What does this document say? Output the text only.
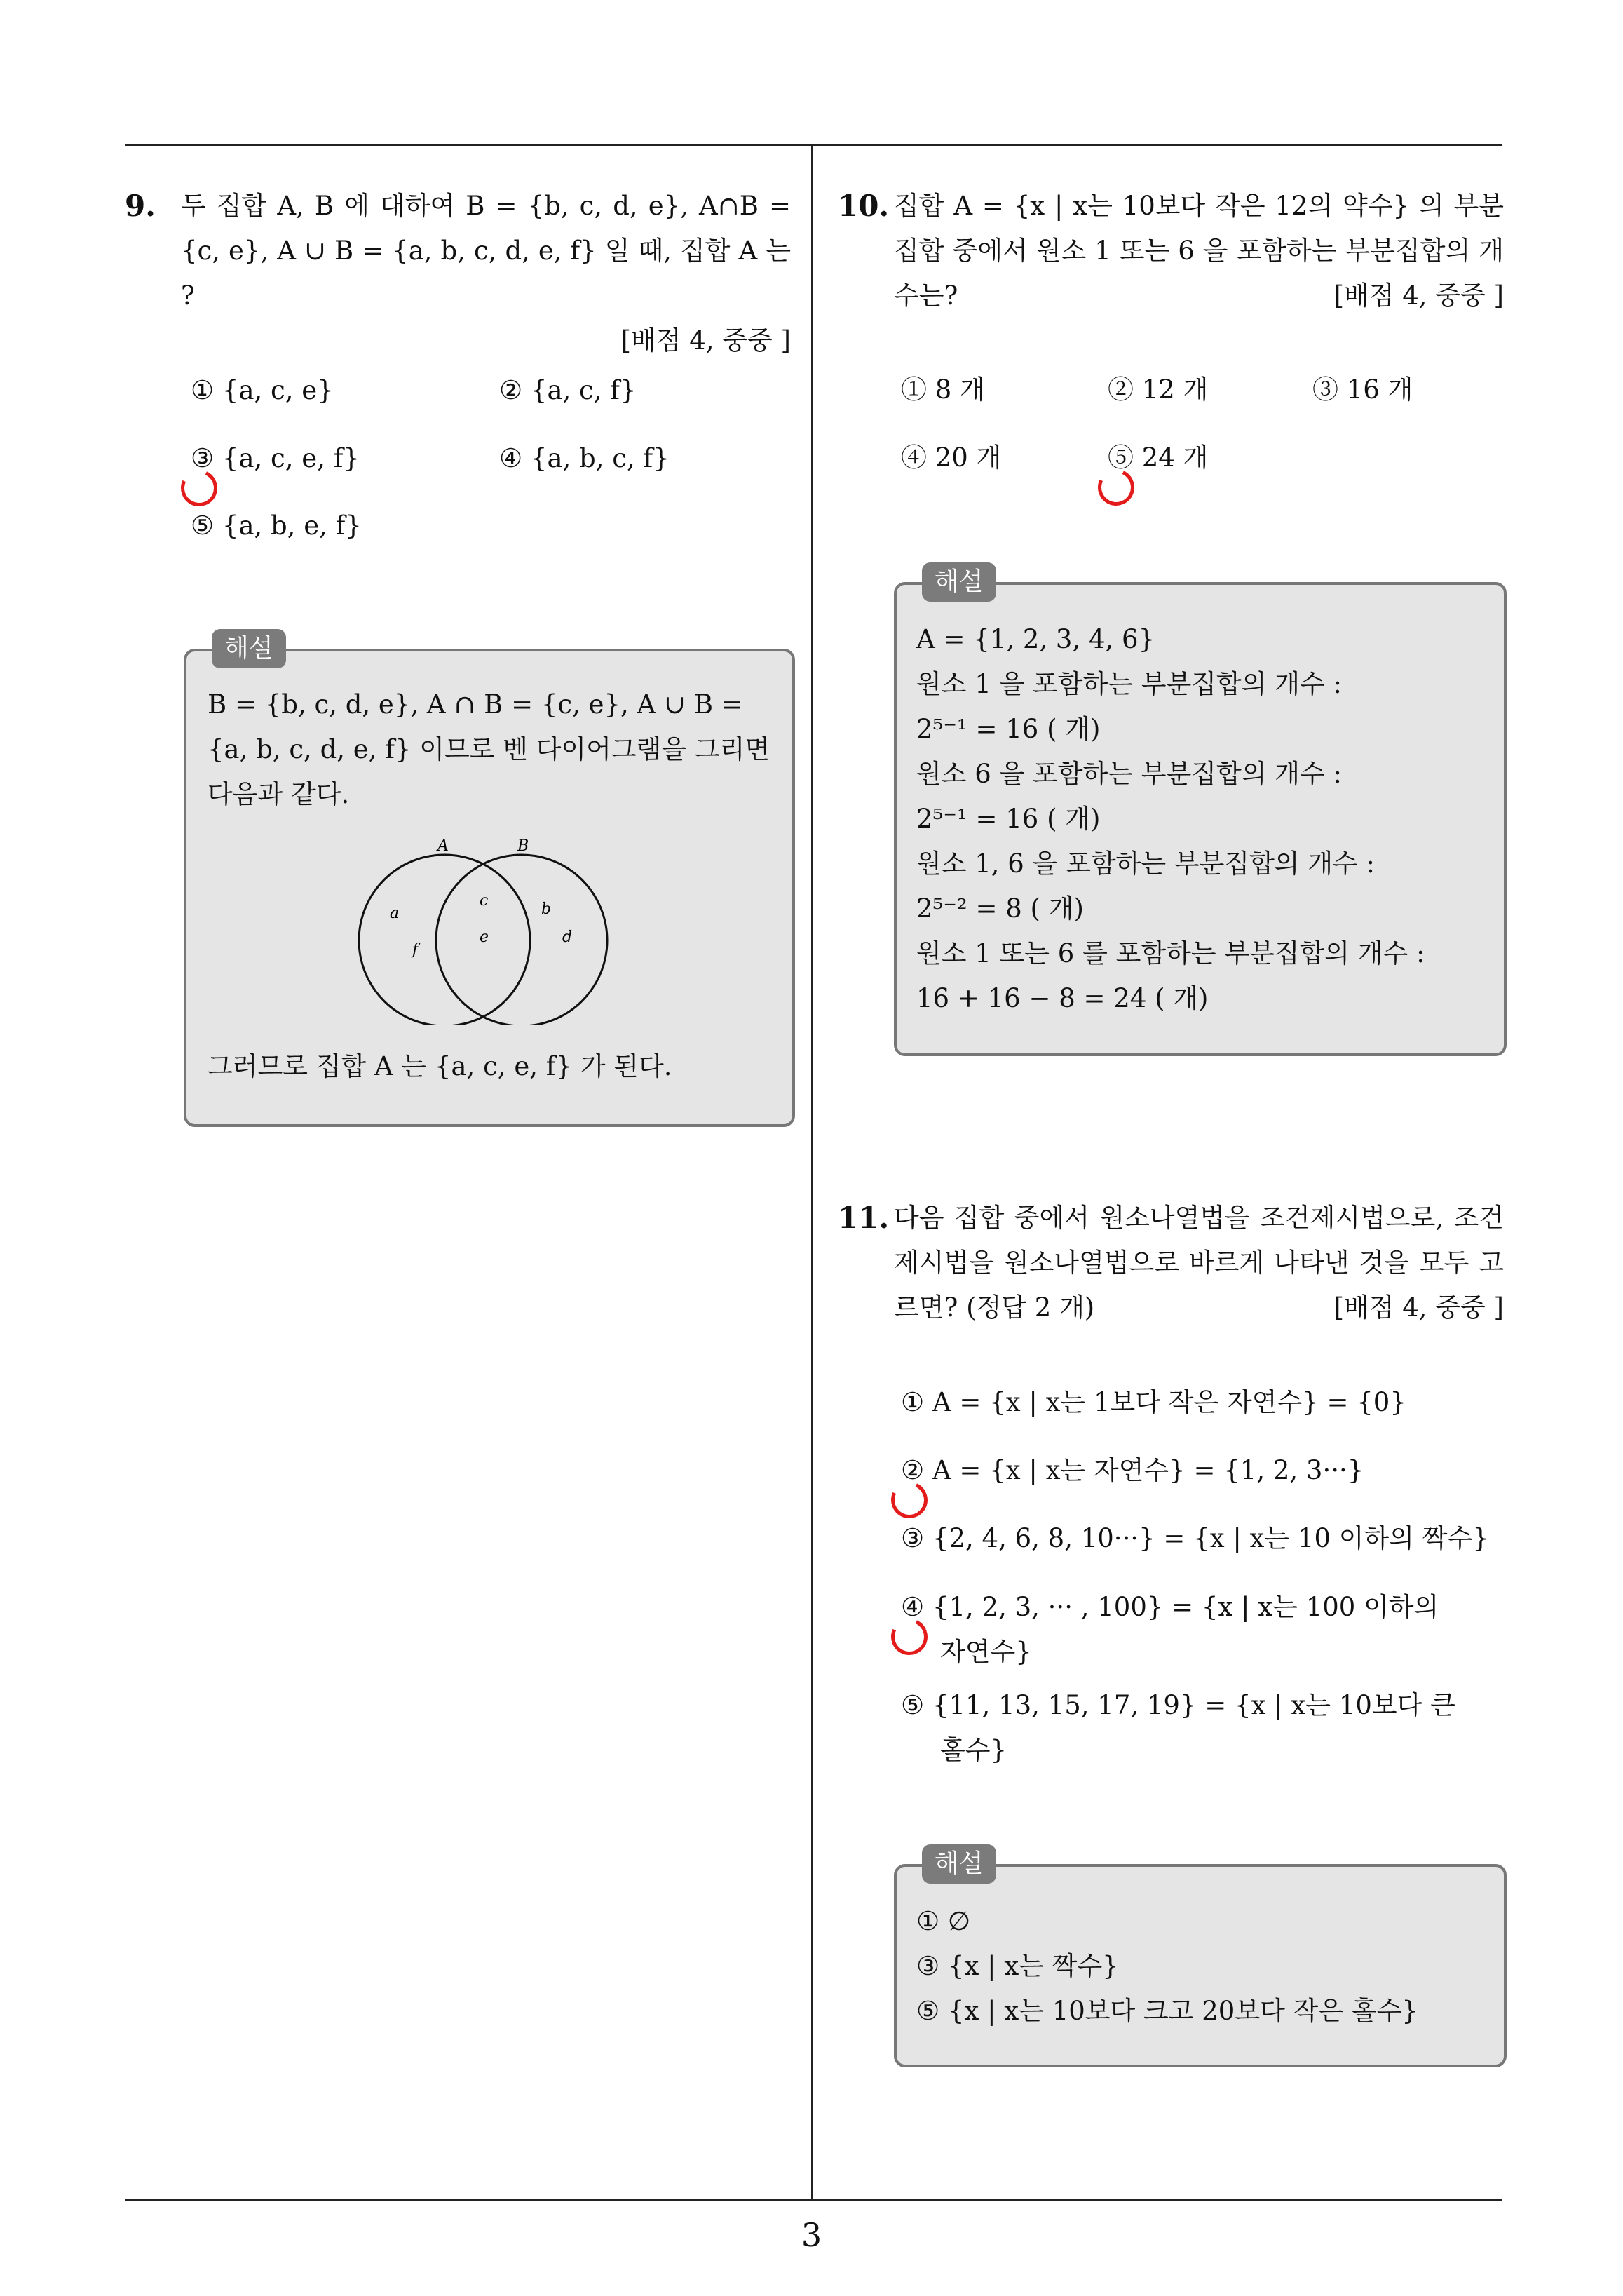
9. 두 집합 A, B 에 대하여 B = {b, c, d, e}, A∩B = {c, e}, A ∪ B = {a, b, c, d, e, f} 일 때, 집합 A 는 ?
[배점 4, 중중 ]
① {a, c, e}	② {a, c, f}
③ {a, c, e, f}	④ {a, b, c, f}
⑤ {a, b, e, f}
해설
B = {b, c, d, e}, A ∩ B = {c, e}, A ∪ B = {a, b, c, d, e, f} 이므로 벤 다이어그램을 그리면 다음과 같다.
A	B
a
f
c
e
b
d
그러므로 집합 A 는 {a, c, e, f} 가 된다.
10. 집합 A = {x | x는 10보다 작은 12의 약수} 의 부분집합 중에서 원소 1 또는 6 을 포함하는 부분집합의 개수는?	[배점 4, 중중 ]
① 8 개	② 12 개	③ 16 개
④ 20 개	⑤ 24 개
해설
A = {1, 2, 3, 4, 6}
원소 1 을 포함하는 부분집합의 개수 :
2⁵⁻¹ = 16 ( 개)
원소 6 을 포함하는 부분집합의 개수 :
2⁵⁻¹ = 16 ( 개)
원소 1, 6 을 포함하는 부분집합의 개수 :
2⁵⁻² = 8 ( 개)
원소 1 또는 6 를 포함하는 부분집합의 개수 :
16 + 16 − 8 = 24 ( 개)
11. 다음 집합 중에서 원소나열법을 조건제시법으로, 조건제시법을 원소나열법으로 바르게 나타낸 것을 모두 고르면? (정답 2 개)	[배점 4, 중중 ]
① A = {x | x는 1보다 작은 자연수} = {0}
② A = {x | x는 자연수} = {1, 2, 3···}
③ {2, 4, 6, 8, 10···} = {x | x는 10 이하의 짝수}
④ {1, 2, 3, ··· , 100} = {x | x는 100 이하의
자연수}
⑤ {11, 13, 15, 17, 19} = {x | x는 10보다 큰
홀수}
해설
① ∅
③ {x | x는 짝수}
⑤ {x | x는 10보다 크고 20보다 작은 홀수}
3
